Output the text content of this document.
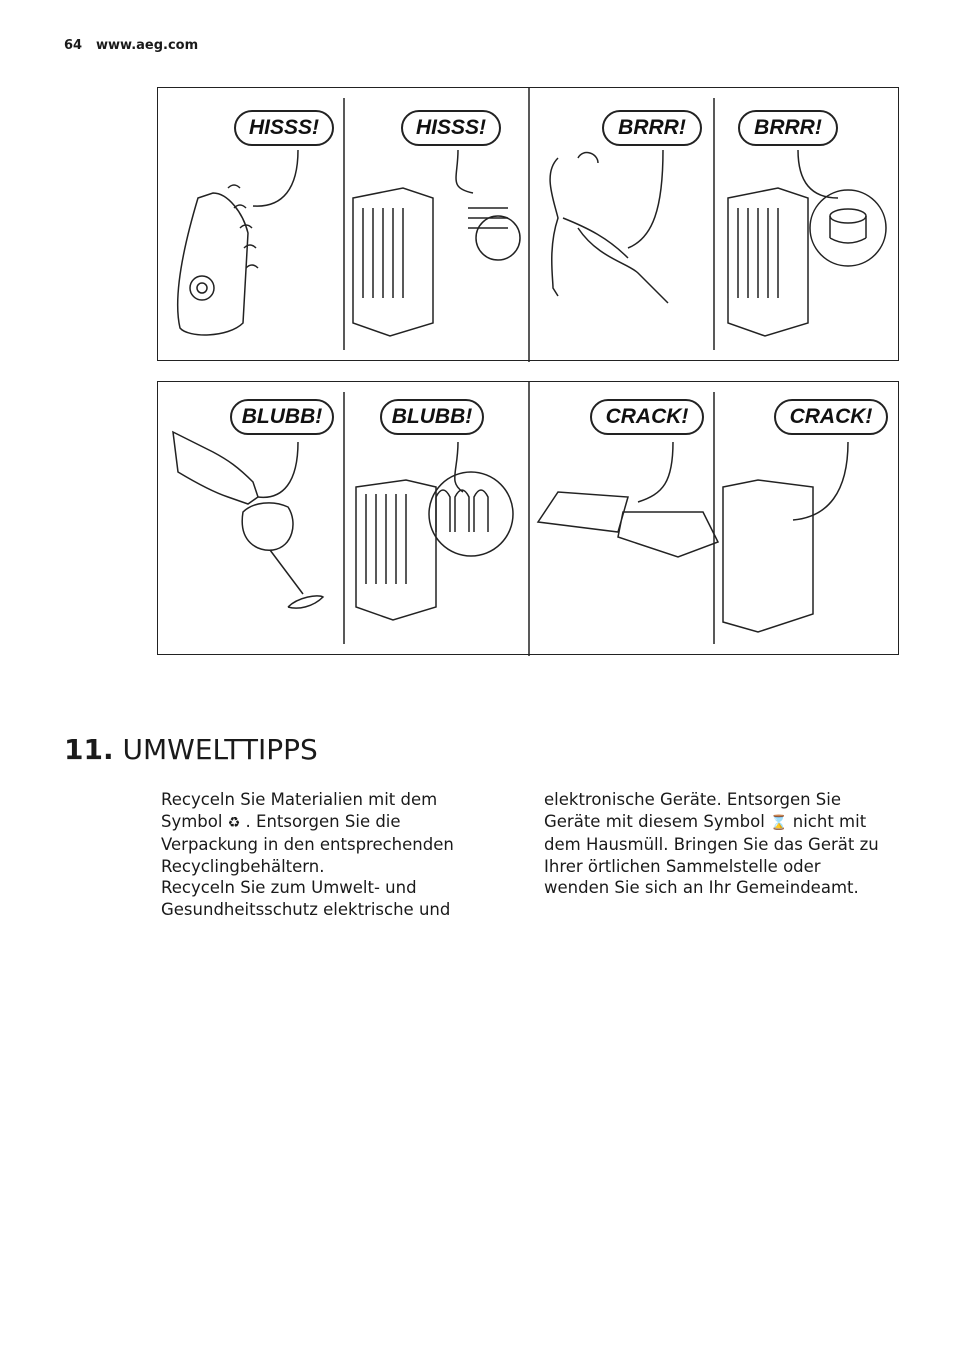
64 www.aeg.com
HISSS!	HISSS!	BRRR!	BRRR!
BLUBB!	BLUBB!	CRACK!	CRACK!
11. UMWELTTIPPS

Recyceln Sie Materialien mit dem Symbol ♻ . Entsorgen Sie die Verpackung in den entsprechenden Recyclingbehältern.

Recyceln Sie zum Umwelt- und Gesundheitsschutz elektrische und

elektronische Geräte. Entsorgen Sie Geräte mit diesem Symbol ⌛ nicht mit dem Hausmüll. Bringen Sie das Gerät zu Ihrer örtlichen Sammelstelle oder wenden Sie sich an Ihr Gemeindeamt.
